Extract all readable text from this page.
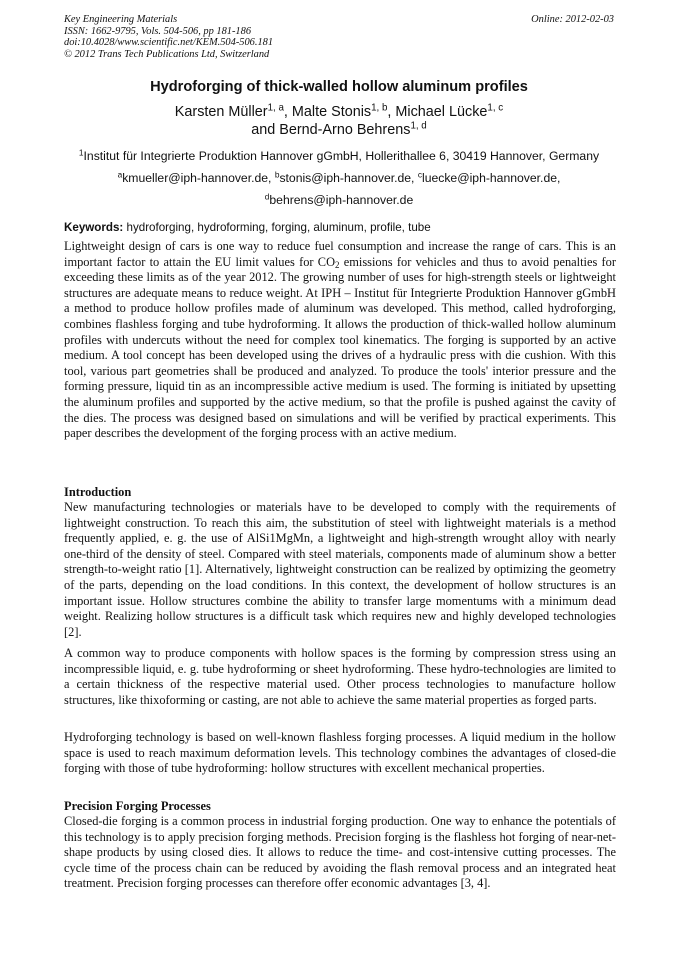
Key Engineering Materials
ISSN: 1662-9795, Vols. 504-506, pp 181-186
doi:10.4028/www.scientific.net/KEM.504-506.181
© 2012 Trans Tech Publications Ltd, Switzerland
Online: 2012-02-03
Hydroforging of thick-walled hollow aluminum profiles
Karsten Müller$^{1, a}$, Malte Stonis$^{1, b}$, Michael Lücke$^{1, c}$
and Bernd-Arno Behrens$^{1, d}$
$^1$Institut für Integrierte Produktion Hannover gGmbH, Hollerithallee 6, 30419 Hannover, Germany
$^a$kmueller@iph-hannover.de, $^b$stonis@iph-hannover.de, $^c$luecke@iph-hannover.de,
$^d$behrens@iph-hannover.de
Keywords: hydroforging, hydroforming, forging, aluminum, profile, tube

Lightweight design of cars is one way to reduce fuel consumption and increase the range of cars. This is an important factor to attain the EU limit values for $CO_2$ emissions for vehicles and thus to avoid penalties for exceeding these limits as of the year 2012. The growing number of uses for high-strength steels or lightweight structures are adequate means to reduce weight. At IPH – Institut für Integrierte Produktion Hannover gGmbH a method to produce hollow profiles made of aluminum was developed. This method, called hydroforging, combines flashless forging and tube hydroforming. It allows the production of thick-walled hollow aluminum profiles with undercuts without the need for complex tool kinematics. The forging is supported by an active medium. A tool concept has been developed using the drives of a hydraulic press with die cushion. With this tool, various part geometries shall be produced and analyzed. To produce the tools' interior pressure and the forming pressure, liquid tin as an incompressible active medium is used. The forming is initiated by upsetting the aluminum profiles and supported by the active medium, so that the profile is pushed against the cavity of the dies. The process was designed based on simulations and will be verified by practical experiments. This paper describes the development of the forging process with an active medium.

Introduction

New manufacturing technologies or materials have to be developed to comply with the requirements of lightweight construction. To reach this aim, the substitution of steel with lightweight materials is a method frequently applied, e. g. the use of AlSi1MgMn, a lightweight and high-strength wrought alloy with nearly one-third of the density of steel. Compared with steel materials, components made of aluminum show a better strength-to-weight ratio [1]. Alternatively, lightweight construction can be realized by optimizing the geometry of the parts, depending on the load conditions. In this context, the development of hollow structures is an important issue. Hollow structures combine the ability to transfer large momentums with a minimum dead weight. Realizing hollow structures is a difficult task which requires new and highly developed technologies [2].

A common way to produce components with hollow spaces is the forming by compression stress using an incompressible liquid, e. g. tube hydroforming or sheet hydroforming. These hydro-technologies are limited to a certain thickness of the respective material used. Other process technologies to manufacture hollow structures, like thixoforming or casting, are not able to achieve the same material properties as forged parts.

Hydroforging technology is based on well-known flashless forging processes. A liquid medium in the hollow space is used to reach maximum deformation levels. This technology combines the advantages of closed-die forging with those of tube hydroforming: hollow structures with excellent mechanical properties.

Precision Forging Processes

Closed-die forging is a common process in industrial forging production. One way to enhance the potentials of this technology is to apply precision forging methods. Precision forging is the flashless hot forging of near-net-shape products by using closed dies. It allows to reduce the time- and cost-intensive cutting processes. The cycle time of the process chain can be reduced by avoiding the flash removal process and an integrated heat treatment. Precision forging processes can therefore offer economic advantages [3, 4].
